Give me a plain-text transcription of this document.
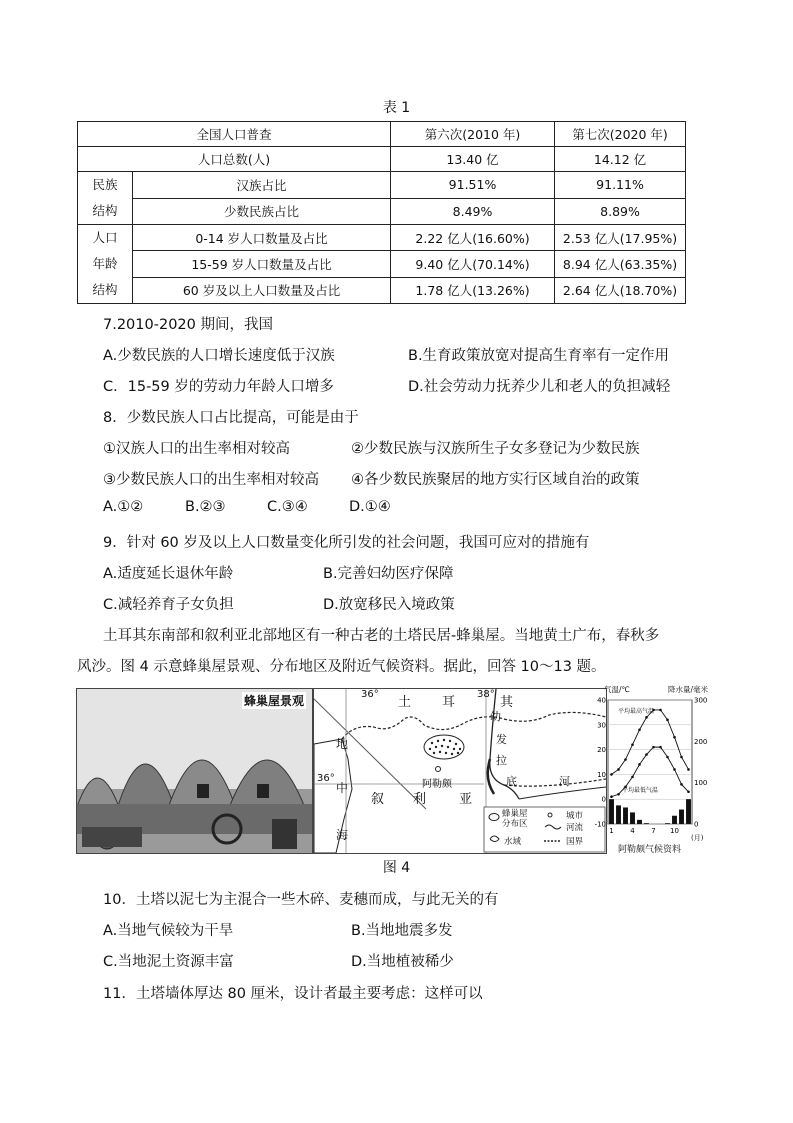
表 1
全国人口普查		第六次(2010 年)	第七次(2020 年)
人口总数(人)		13.40 亿	14.12 亿

民族
结构	汉族占比	91.51%	91.11%
	少数民族占比	8.49%	8.89%

人口
年龄
结构	0-14 岁人口数量及占比	2.22 亿人(16.60%)	2.53 亿人(17.95%)
	15-59 岁人口数量及占比	9.40 亿人(70.14%)	8.94 亿人(63.35%)
	60 岁及以上人口数量及占比	1.78 亿人(13.26%)	2.64 亿人(18.70%)
7.2010-2020 期间，我国
A.少数民族的人口增长速度低于汉族	B.生育政策放宽对提高生育率有一定作用
C．15-59 岁的劳动力年龄人口增多	D.社会劳动力抚养少儿和老人的负担减轻
8．少数民族人口占比提高，可能是由于
①汉族人口的出生率相对较高	②少数民族与汉族所生子女多登记为少数民族
③少数民族人口的出生率相对较高 ④各少数民族聚居的地方实行区域自治的政策
A.①②	B.②③	C.③④	D.①④
9．针对 60 岁及以上人口数量变化所引发的社会问题，我国可应对的措施有
A.适度延长退休年龄	B.完善妇幼医疗保障
C.减轻养育子女负担	D.放宽移民入境政策
土耳其东南部和叙利亚北部地区有一种古老的土塔民居-蜂巢屋。当地黄土广布，春秋多
风沙。图 4 示意蜂巢屋景观、分布地区及附近气候资料。据此，回答 10～13 题。
蜂巢屋景观	36°	38°
36°
土 耳	其
叙 利	亚
地
中
海
幼
发
拉
底	河
阿勒颇
蜂巢屋
分布区
城市
河流
水域	国界
40
30
20
10
0
-10
300
200
100
0
1 4 7 10
气温/℃	降水量/毫米
平均最高气温
平均最低气温
(月)
阿勒颇气候资料
图 4
10．土塔以泥七为主混合一些木碎、麦穗而成，与此无关的有
A.当地气候较为干旱	B.当地地震多发
C.当地泥土资源丰富	D.当地植被稀少
11．土塔墙体厚达 80 厘米，设计者最主要考虑：这样可以
